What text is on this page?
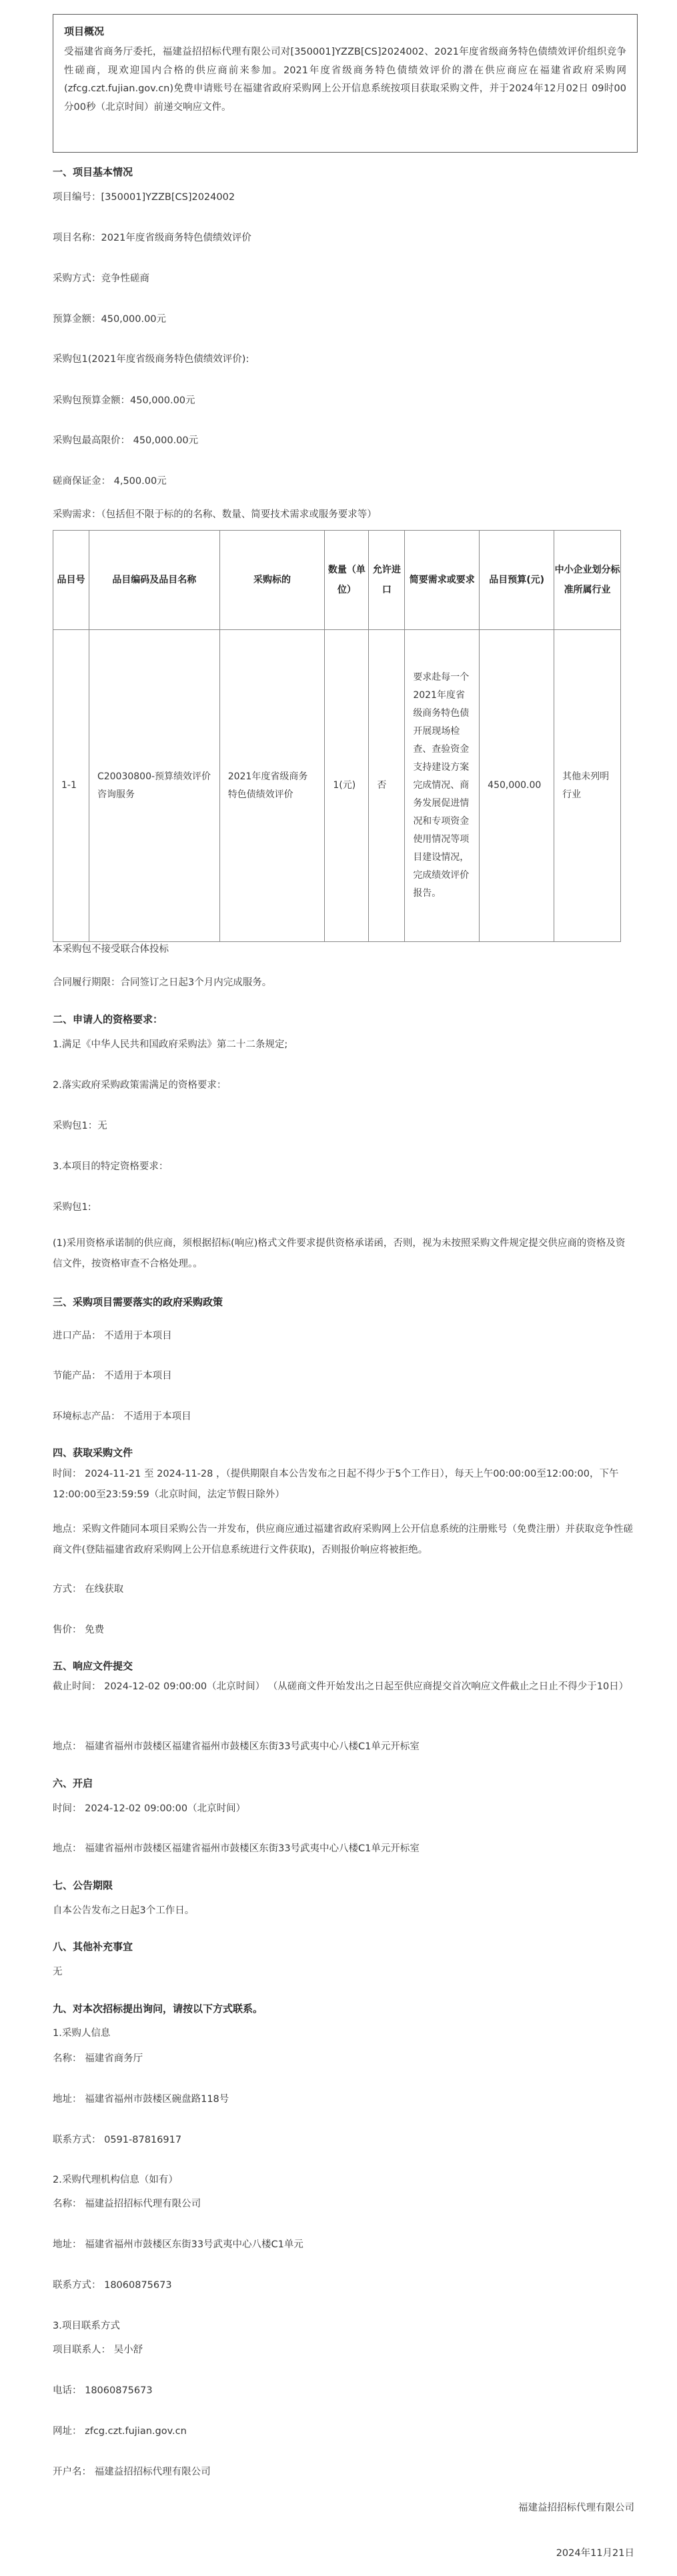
项目概况
受福建省商务厅委托，福建益招招标代理有限公司对[350001]YZZB[CS]2024002、2021年度省级商务特色债绩效评价组织竞争性磋商，现欢迎国内合格的供应商前来参加。2021年度省级商务特色债绩效评价的潜在供应商应在福建省政府采购网(zfcg.czt.fujian.gov.cn)免费申请账号在福建省政府采购网上公开信息系统按项目获取采购文件，并于2024年12月02日 09时00分00秒（北京时间）前递交响应文件。
一、项目基本情况
项目编号：[350001]YZZB[CS]2024002
项目名称：2021年度省级商务特色债绩效评价
采购方式：竞争性磋商
预算金额：450,000.00元
采购包1(2021年度省级商务特色债绩效评价):
采购包预算金额：450,000.00元
采购包最高限价： 450,000.00元
磋商保证金： 4,500.00元
采购需求：（包括但不限于标的的名称、数量、简要技术需求或服务要求等）
品目号	品目编码及品目名称	采购标的	数量（单位）	允许进口	简要需求或要求	品目预算(元)	中小企业划分标准所属行业

1-1	C20030800-预算绩效评价咨询服务	2021年度省级商务特色债绩效评价	1(元)	否	要求赴每一个2021年度省级商务特色债开展现场检查、查验资金支持建设方案完成情况、商务发展促进情况和专项资金使用情况等项目建设情况，完成绩效评价报告。	450,000.00	其他未列明行业
本采购包不接受联合体投标
合同履行期限：合同签订之日起3个月内完成服务。
二、申请人的资格要求：
1.满足《中华人民共和国政府采购法》第二十二条规定;
2.落实政府采购政策需满足的资格要求：
采购包1：无
3.本项目的特定资格要求：
采购包1:
(1)采用资格承诺制的供应商，须根据招标(响应)格式文件要求提供资格承诺函，否则，视为未按照采购文件规定提交供应商的资格及资信文件，按资格审查不合格处理。。
三、采购项目需要落实的政府采购政策
进口产品： 不适用于本项目
节能产品： 不适用于本项目
环境标志产品： 不适用于本项目
四、获取采购文件
时间： 2024-11-21 至 2024-11-28 ，（提供期限自本公告发布之日起不得少于5个工作日），每天上午00:00:00至12:00:00，下午12:00:00至23:59:59（北京时间，法定节假日除外）
地点：采购文件随同本项目采购公告一并发布，供应商应通过福建省政府采购网上公开信息系统的注册账号（免费注册）并获取竞争性磋商文件(登陆福建省政府采购网上公开信息系统进行文件获取)，否则报价响应将被拒绝。
方式： 在线获取
售价： 免费
五、响应文件提交
截止时间： 2024-12-02 09:00:00（北京时间） （从磋商文件开始发出之日起至供应商提交首次响应文件截止之日止不得少于10日）
地点： 福建省福州市鼓楼区福建省福州市鼓楼区东街33号武夷中心八楼C1单元开标室
六、开启
时间： 2024-12-02 09:00:00（北京时间）
地点： 福建省福州市鼓楼区福建省福州市鼓楼区东街33号武夷中心八楼C1单元开标室
七、公告期限
自本公告发布之日起3个工作日。
八、其他补充事宜
无
九、对本次招标提出询问，请按以下方式联系。
1.采购人信息
名称： 福建省商务厅
地址： 福建省福州市鼓楼区碗盘路118号
联系方式： 0591-87816917
2.采购代理机构信息（如有）
名称： 福建益招招标代理有限公司
地址： 福建省福州市鼓楼区东街33号武夷中心八楼C1单元
联系方式： 18060875673
3.项目联系方式
项目联系人： 吴小舒
电话： 18060875673
网址： zfcg.czt.fujian.gov.cn
开户名： 福建益招招标代理有限公司
福建益招招标代理有限公司
2024年11月21日
